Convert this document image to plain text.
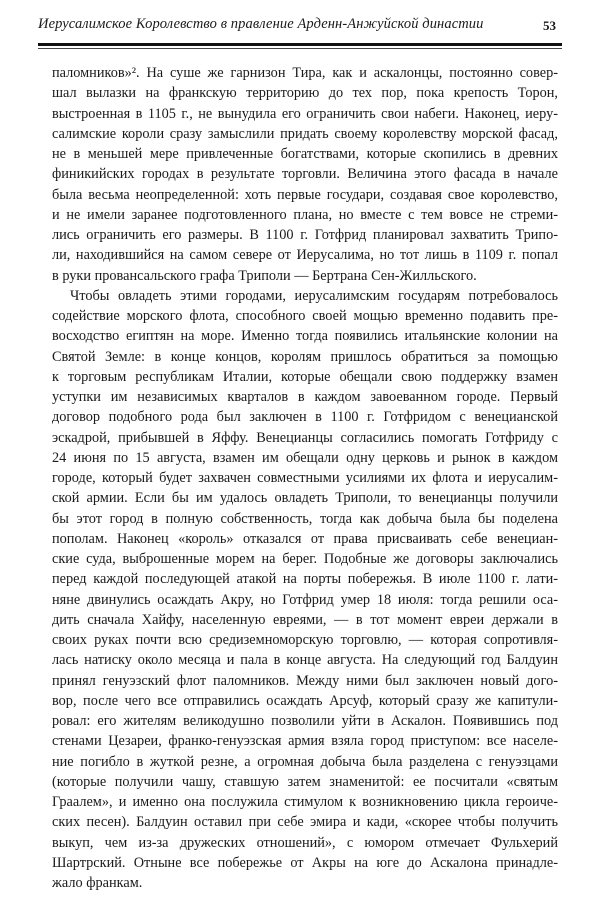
Иерусалимское Королевство в правление Арденн-Анжуйской династии	53
паломников»². На суше же гарнизон Тира, как и аскалонцы, постоянно совер-
шал вылазки на франкскую территорию до тех пор, пока крепость Торон,
выстроенная в 1105 г., не вынудила его ограничить свои набеги. Наконец, иеру-
салимские короли сразу замыслили придать своему королевству морской фасад,
не в меньшей мере привлеченные богатствами, которые скопились в древних
финикийских городах в результате торговли. Величина этого фасада в начале
была весьма неопределенной: хоть первые государи, создавая свое королевство,
и не имели заранее подготовленного плана, но вместе с тем вовсе не стреми-
лись ограничить его размеры. В 1100 г. Готфрид планировал захватить Трипо-
ли, находившийся на самом севере от Иерусалима, но тот лишь в 1109 г. попал
в руки провансальского графа Триполи — Бертрана Сен-Жилльского.
Чтобы овладеть этими городами, иерусалимским государям потребовалось
содействие морского флота, способного своей мощью временно подавить пре-
восходство египтян на море. Именно тогда появились итальянские колонии на
Святой Земле: в конце концов, королям пришлось обратиться за помощью
к торговым республикам Италии, которые обещали свою поддержку взамен
уступки им независимых кварталов в каждом завоеванном городе. Первый
договор подобного рода был заключен в 1100 г. Готфридом с венецианской
эскадрой, прибывшей в Яффу. Венецианцы согласились помогать Готфриду с
24 июня по 15 августа, взамен им обещали одну церковь и рынок в каждом
городе, который будет захвачен совместными усилиями их флота и иерусалим-
ской армии. Если бы им удалось овладеть Триполи, то венецианцы получили
бы этот город в полную собственность, тогда как добыча была бы поделена
пополам. Наконец «король» отказался от права присваивать себе венециан-
ские суда, выброшенные морем на берег. Подобные же договоры заключались
перед каждой последующей атакой на порты побережья. В июле 1100 г. лати-
няне двинулись осаждать Акру, но Готфрид умер 18 июля: тогда решили оса-
дить сначала Хайфу, населенную евреями, — в тот момент евреи держали в
своих руках почти всю средиземноморскую торговлю, — которая сопротивля-
лась натиску около месяца и пала в конце августа. На следующий год Балдуин
принял генуэзский флот паломников. Между ними был заключен новый дого-
вор, после чего все отправились осаждать Арсуф, который сразу же капитули-
ровал: его жителям великодушно позволили уйти в Аскалон. Появившись под
стенами Цезареи, франко-генуэзская армия взяла город приступом: все населе-
ние погибло в жуткой резне, а огромная добыча была разделена с генуэзцами
(которые получили чашу, ставшую затем знаменитой: ее посчитали «святым
Граалем», и именно она послужила стимулом к возникновению цикла героиче-
ских песен). Балдуин оставил при себе эмира и кади, «скорее чтобы получить
выкуп, чем из-за дружеских отношений», с юмором отмечает Фульхерий
Шартрский. Отныне все побережье от Акры на юге до Аскалона принадле-
жало франкам.
